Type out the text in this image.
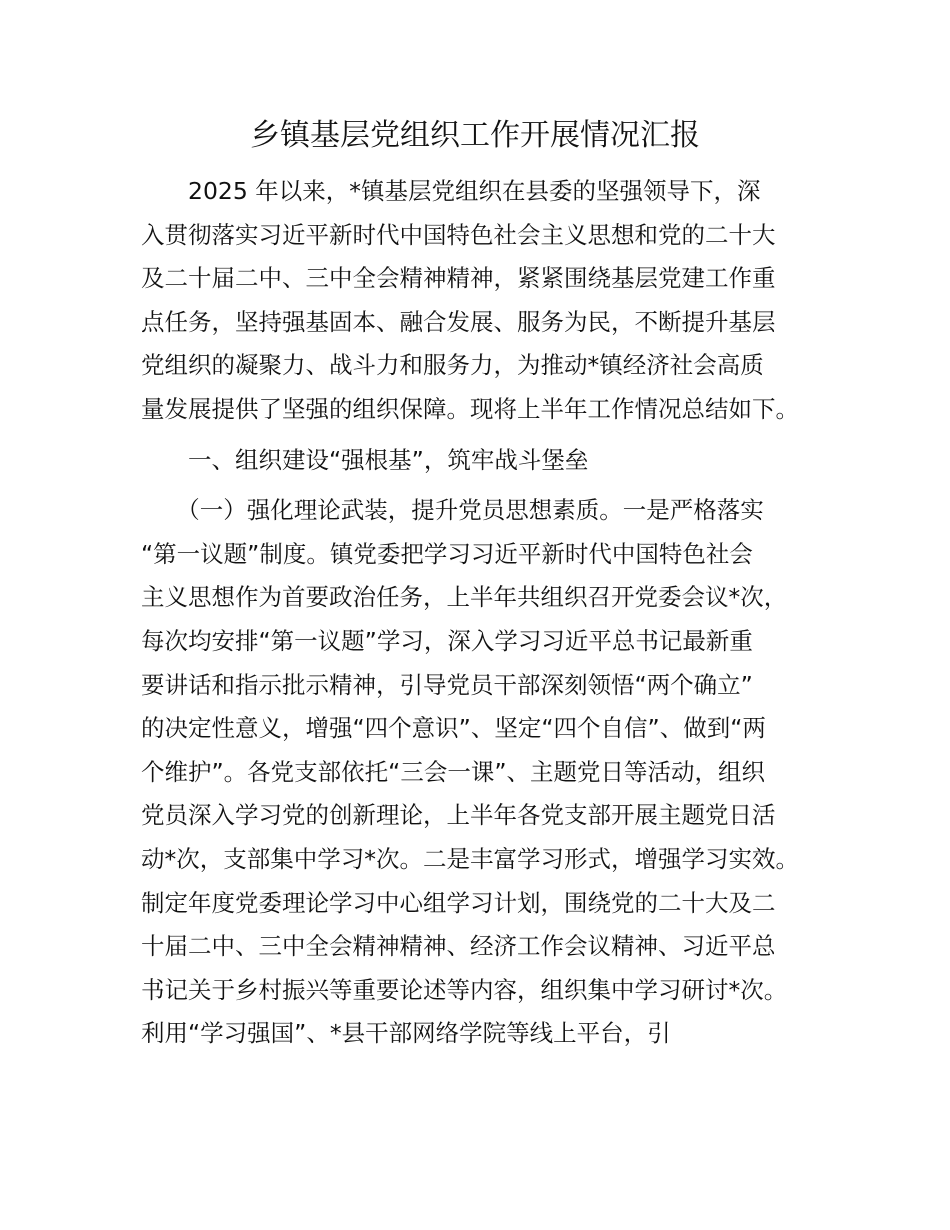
乡镇基层党组织工作开展情况汇报
　　2025 年以来，*镇基层党组织在县委的坚强领导下，深
入贯彻落实习近平新时代中国特色社会主义思想和党的二十大
及二十届二中、三中全会精神精神，紧紧围绕基层党建工作重
点任务，坚持强基固本、融合发展、服务为民，不断提升基层
党组织的凝聚力、战斗力和服务力，为推动*镇经济社会高质
量发展提供了坚强的组织保障。现将上半年工作情况总结如下。
　　一、组织建设“强根基”，筑牢战斗堡垒
　　（一）强化理论武装，提升党员思想素质。一是严格落实
“第一议题”制度。镇党委把学习习近平新时代中国特色社会
主义思想作为首要政治任务，上半年共组织召开党委会议*次，
每次均安排“第一议题”学习，深入学习习近平总书记最新重
要讲话和指示批示精神，引导党员干部深刻领悟“两个确立”
的决定性意义，增强“四个意识”、坚定“四个自信”、做到“两
个维护”。各党支部依托“三会一课”、主题党日等活动，组织
党员深入学习党的创新理论，上半年各党支部开展主题党日活
动*次，支部集中学习*次。二是丰富学习形式，增强学习实效。
制定年度党委理论学习中心组学习计划，围绕党的二十大及二
十届二中、三中全会精神精神、经济工作会议精神、习近平总
书记关于乡村振兴等重要论述等内容，组织集中学习研讨*次。
利用“学习强国”、*县干部网络学院等线上平台，引
